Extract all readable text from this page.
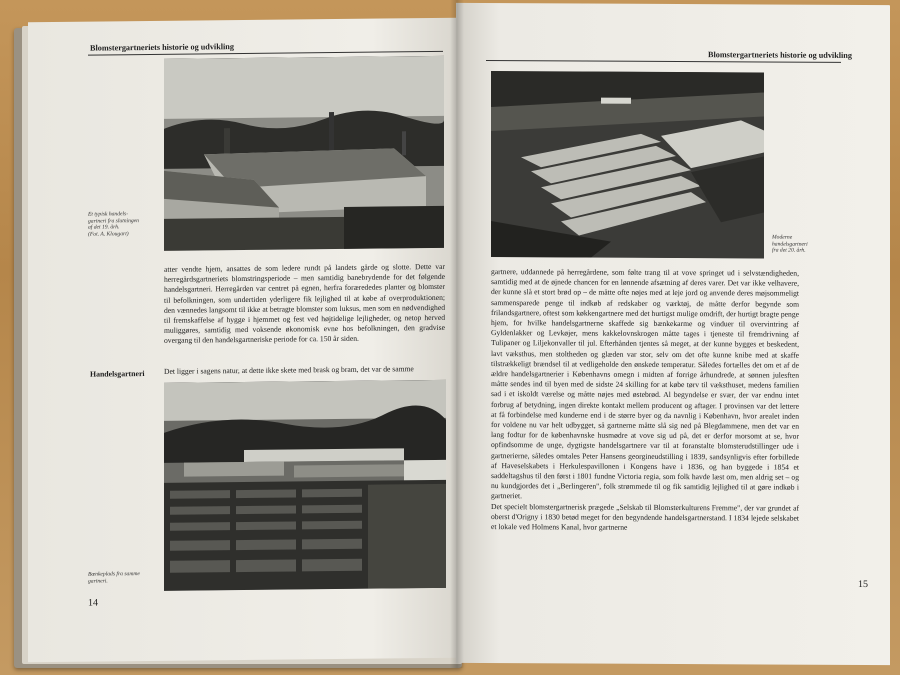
Blomstergartneriets historie og udvikling
Et typisk handels-
gartneri fra slutningen
af det 19. årh.
(Fot. A. Klougart)

atter vendte hjem, ansattes de som ledere rundt på landets gårde og slotte. Dette var herregårdsgartneriets blomstringsperiode – men samtidig banebrydende for det følgende handelsgartneri. Herregården var centret på egnen, herfra forærededes planter og blomster til befolkningen, som undertiden yderligere fik lejlighed til at købe af overproduktionen; den vænnedes langsomt til ikke at betragte blomster som luksus, men som en nødvendighed til fremskaffelse af hygge i hjemmet og fest ved højtidelige lejligheder, og netop herved muliggøres, samtidig med voksende økonomisk evne hos befolkningen, den gradvise overgang til den handelsgartneriske periode for ca. 150 år siden.

Handelsgartneri	Det ligger i sagens natur, at dette ikke skete med brask og bram, det var de samme

Bænkeplads fra samme
gartneri.
14
Blomstergartneriets historie og udvikling
Moderne
handelsgartneri
fra det 20. årh.

gartnere, uddannede på herregårdene, som følte trang til at vove springet ud i selvstændigheden, samtidig med at de øjnede chancen for en lønnende afsætning af deres varer. Det var ikke velhavere, der kunne slå et stort brød op – de måtte ofte nøjes med at leje jord og anvende deres møjsommeligt sammensparede penge til indkøb af redskaber og værktøj, de måtte derfor begynde som frilandsgartnere, oftest som køkkengartnere med det hurtigst mulige omdrift, der hurtigt bragte penge hjem, for hvilke handelsgartnerne skaffede sig bænkekarme og vinduer til overvintring af Gyldenlakker og Levkøjer, mens kakkelovnskrogen måtte tages i tjeneste til fremdrivning af Tulipaner og Liljekonvaller til jul. Efterhånden tjentes så meget, at der kunne bygges et beskedent, lavt væksthus, men stoltheden og glæden var stor, selv om det ofte kunne knibe med at skaffe tilstrækkeligt brændsel til at vedligeholde den ønskede temperatur. Således fortælles det om et af de ældre handelsgartnerier i Københavns omegn i midten af forrige århundrede, at sønnen julesften måtte sendes ind til byen med de sidste 24 skilling for at købe tørv til væksthuset, medens familien sad i et iskoldt værelse og måtte nøjes med østebrød. Al begyndelse er svær, der var endnu intet forbrug af betydning, ingen direkte kontakt mellem producent og aftager. I provinsen var det lettere at få forbindelse med kunderne end i de større byer og da navnlig i København, hvor arealet inden for voldene nu var helt udbygget, så gartnerne måtte slå sig ned på Blegdammene, men det var en lang fodtur for de københavnske husmødre at vove sig ud på, det er derfor morsomt at se, hvor opfindsomme de unge, dygtigste handelsgartnere var til at foranstalte blomsterudstillinger ude i gartnerierne, således omtales Peter Hansens georgineudstilling i 1839, sandsynligvis efter forbillede af Haveselskabets i Herkulespavillonen i Kongens have i 1836, og han byggede i 1854 et saddeltagshus til den først i 1801 fundne Victoria regia, som folk havde læst om, men aldrig set – og nu kundgjordes det i „Berlingeren", folk strømmede til og fik samtidig lejlighed til at gøre indkøb i gartneriet.

Det specielt blomstergartnerisk prægede „Selskab til Blomsterkulturens Fremme", der var grundet af oberst d'Origny i 1830 betød meget for den begyndende handelsgartnerstand. I 1834 lejede selskabet et lokale ved Holmens Kanal, hvor gartnerne

15
